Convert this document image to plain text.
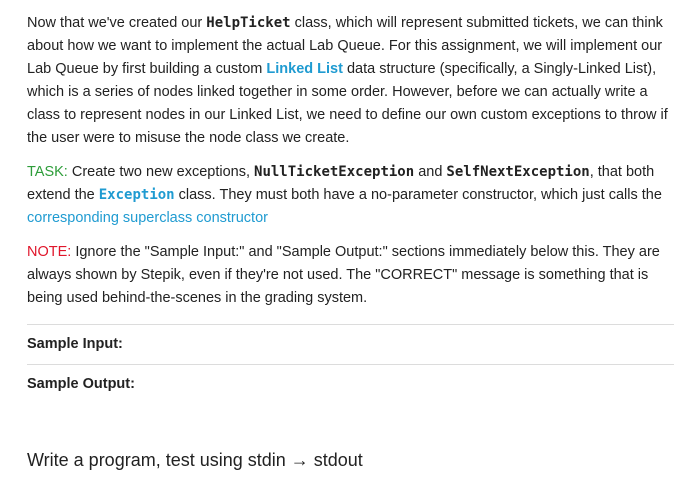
Now that we've created our HelpTicket class, which will represent submitted tickets, we can think about how we want to implement the actual Lab Queue. For this assignment, we will implement our Lab Queue by first building a custom Linked List data structure (specifically, a Singly-Linked List), which is a series of nodes linked together in some order. However, before we can actually write a class to represent nodes in our Linked List, we need to define our own custom exceptions to throw if the user were to misuse the node class we create.

TASK: Create two new exceptions, NullTicketException and SelfNextException, that both extend the Exception class. They must both have a no-parameter constructor, which just calls the corresponding superclass constructor

NOTE: Ignore the "Sample Input:" and "Sample Output:" sections immediately below this. They are always shown by Stepik, even if they're not used. The "CORRECT" message is something that is being used behind-the-scenes in the grading system.

Sample Input:
Sample Output:
Write a program, test using stdin → stdout
